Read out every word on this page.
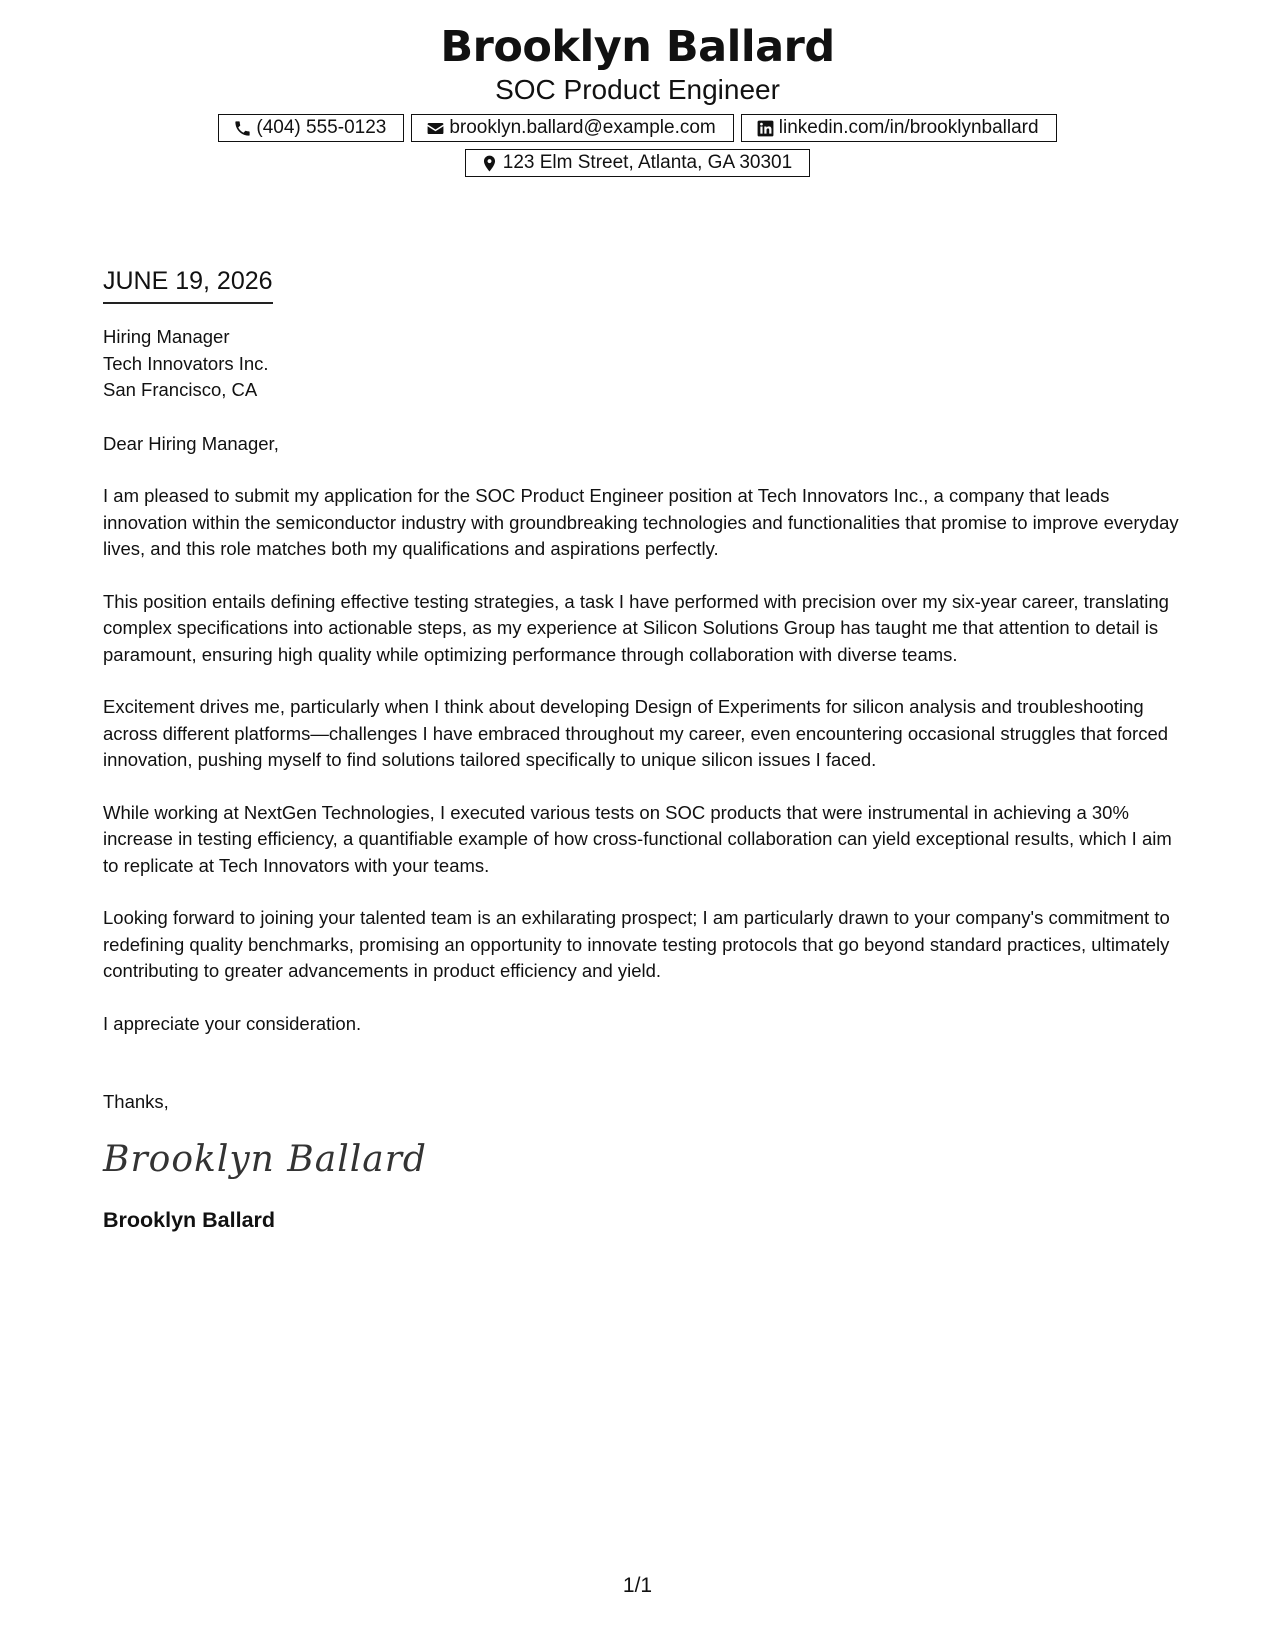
Brooklyn Ballard
SOC Product Engineer
(404) 555-0123	brooklyn.ballard@example.com	linkedin.com/in/brooklynballard
123 Elm Street, Atlanta, GA 30301
JUNE 19, 2026
Hiring Manager
Tech Innovators Inc.
San Francisco, CA
Dear Hiring Manager,

I am pleased to submit my application for the SOC Product Engineer position at Tech Innovators Inc., a company that leads innovation within the semiconductor industry with groundbreaking technologies and functionalities that promise to improve everyday lives, and this role matches both my qualifications and aspirations perfectly.

This position entails defining effective testing strategies, a task I have performed with precision over my six-year career, translating complex specifications into actionable steps, as my experience at Silicon Solutions Group has taught me that attention to detail is paramount, ensuring high quality while optimizing performance through collaboration with diverse teams.

Excitement drives me, particularly when I think about developing Design of Experiments for silicon analysis and troubleshooting across different platforms—challenges I have embraced throughout my career, even encountering occasional struggles that forced innovation, pushing myself to find solutions tailored specifically to unique silicon issues I faced.

While working at NextGen Technologies, I executed various tests on SOC products that were instrumental in achieving a 30% increase in testing efficiency, a quantifiable example of how cross-functional collaboration can yield exceptional results, which I aim to replicate at Tech Innovators with your teams.

Looking forward to joining your talented team is an exhilarating prospect; I am particularly drawn to your company's commitment to redefining quality benchmarks, promising an opportunity to innovate testing protocols that go beyond standard practices, ultimately contributing to greater advancements in product efficiency and yield.

I appreciate your consideration.

Thanks,
Brooklyn Ballard
Brooklyn Ballard
1/1
